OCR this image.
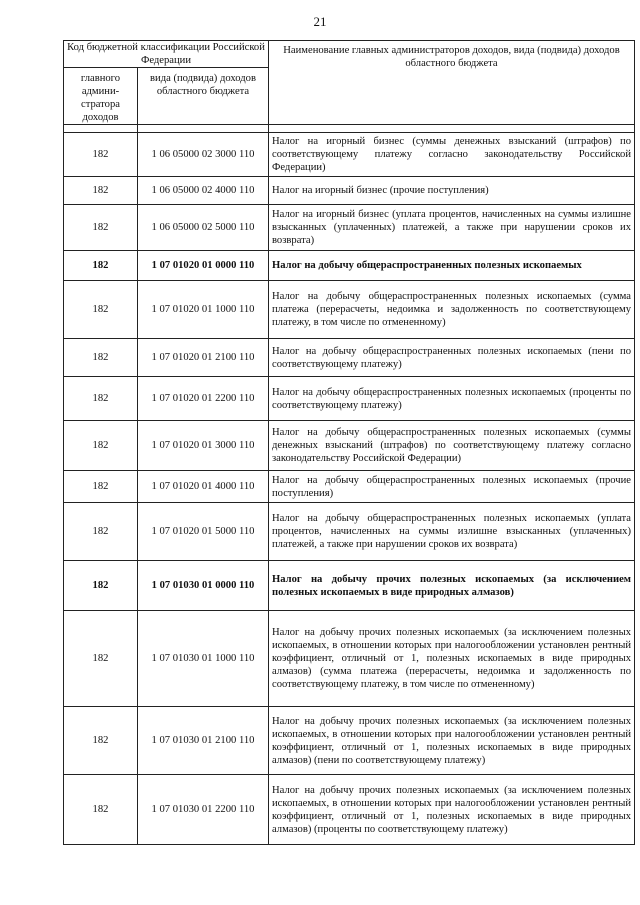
21
Код бюджетной классификации Российской Федерации		Наименование главных администраторов доходов, вида (подвида) доходов областного бюджета
главного админи-стратора доходов	вида (подвида) доходов областного бюджета	

182	1 06 05000 02 3000 110	Налог на игорный бизнес (суммы денежных взысканий (штрафов) по соответствующему платежу согласно законодательству Российской Федерации)
182	1 06 05000 02 4000 110	Налог на игорный бизнес (прочие поступления)
182	1 06 05000 02 5000 110	Налог на игорный бизнес (уплата процентов, начисленных на суммы излишне взысканных (уплаченных) платежей, а также при нарушении сроков их возврата)
182	1 07 01020 01 0000 110	Налог на добычу общераспространенных полезных ископаемых
182	1 07 01020 01 1000 110	Налог на добычу общераспространенных полезных ископаемых (сумма платежа (перерасчеты, недоимка и задолженность по соответствующему платежу, в том числе по отмененному)
182	1 07 01020 01 2100 110	Налог на добычу общераспространенных полезных ископаемых (пени по соответствующему платежу)
182	1 07 01020 01 2200 110	Налог на добычу общераспространенных полезных ископаемых (проценты по соответствующему платежу)
182	1 07 01020 01 3000 110	Налог на добычу общераспространенных полезных ископаемых (суммы денежных взысканий (штрафов) по соответствующему платежу согласно законодательству Российской Федерации)
182	1 07 01020 01 4000 110	Налог на добычу общераспространенных полезных ископаемых (прочие поступления)
182	1 07 01020 01 5000 110	Налог на добычу общераспространенных полезных ископаемых (уплата процентов, начисленных на суммы излишне взысканных (уплаченных) платежей, а также при нарушении сроков их возврата)
182	1 07 01030 01 0000 110	Налог на добычу прочих полезных ископаемых (за исключением полезных ископаемых в виде природных алмазов)
182	1 07 01030 01 1000 110	Налог на добычу прочих полезных ископаемых (за исключением полезных ископаемых, в отношении которых при налогообложении установлен рентный коэффициент, отличный от 1, полезных ископаемых в виде природных алмазов) (сумма платежа (перерасчеты, недоимка и задолженность по соответствующему платежу, в том числе по отмененному)
182	1 07 01030 01 2100 110	Налог на добычу прочих полезных ископаемых (за исключением полезных ископаемых, в отношении которых при налогообложении установлен рентный коэффициент, отличный от 1, полезных ископаемых в виде природных алмазов) (пени по соответствующему платежу)
182	1 07 01030 01 2200 110	Налог на добычу прочих полезных ископаемых (за исключением полезных ископаемых, в отношении которых при налогообложении установлен рентный коэффициент, отличный от 1, полезных ископаемых в виде природных алмазов) (проценты по соответствующему платежу)
